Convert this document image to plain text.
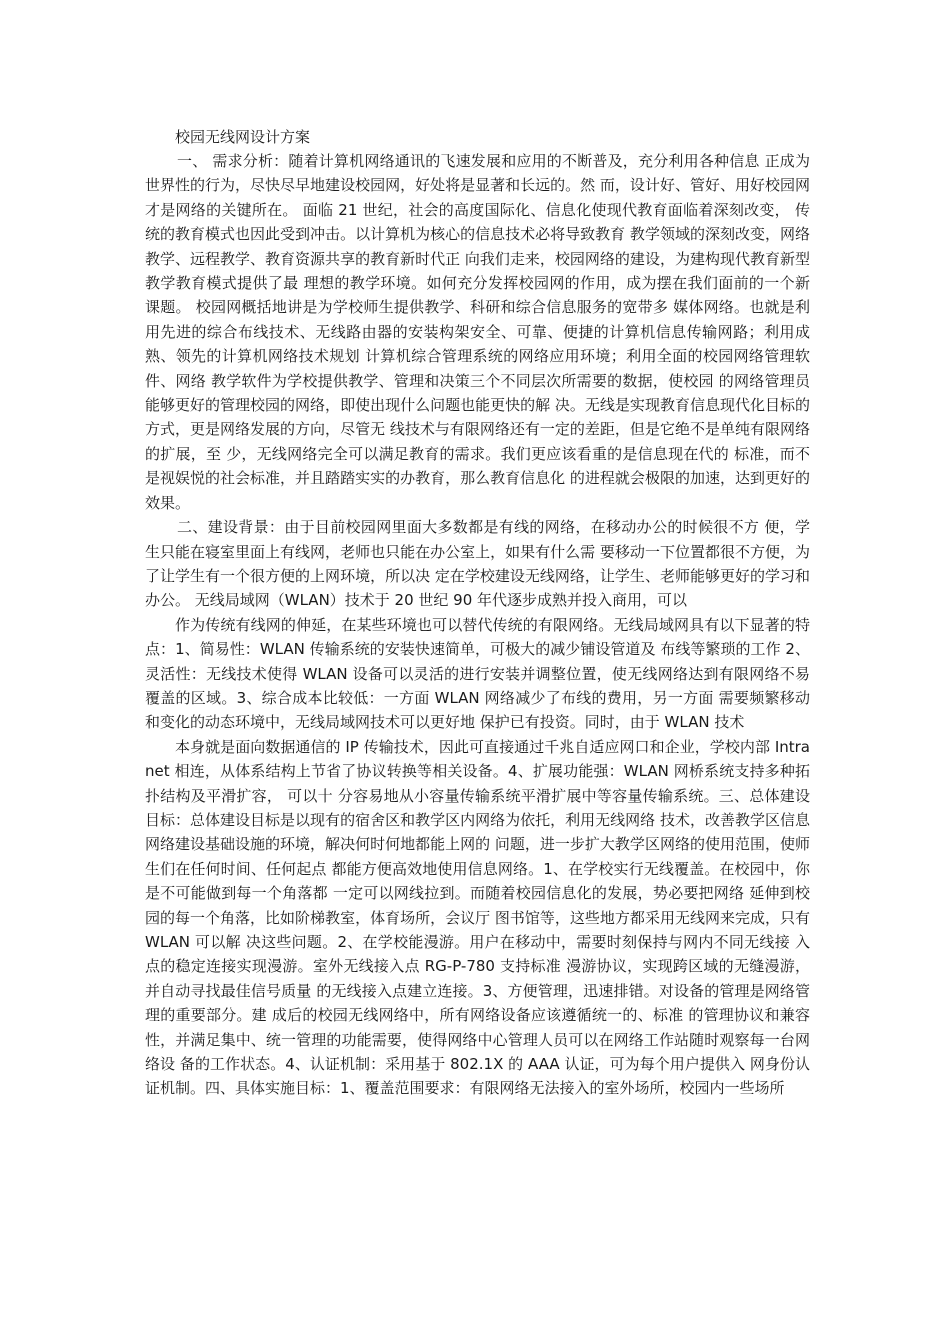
校园无线网设计方案

一、 需求分析：随着计算机网络通讯的飞速发展和应用的不断普及，充分利用各种信息 正成为世界性的行为，尽快尽早地建设校园网，好处将是显著和长远的。然 而，设计好、管好、用好校园网才是网络的关键所在。 面临 21 世纪，社会的高度国际化、信息化使现代教育面临着深刻改变， 传统的教育模式也因此受到冲击。以计算机为核心的信息技术必将导致教育 教学领域的深刻改变，网络教学、远程教学、教育资源共享的教育新时代正 向我们走来，校园网络的建设，为建构现代教育新型教学教育模式提供了最 理想的教学环境。如何充分发挥校园网的作用，成为摆在我们面前的一个新 课题。 校园网概括地讲是为学校师生提供教学、科研和综合信息服务的宽带多 媒体网络。也就是利用先进的综合布线技术、无线路由器的安装构架安全、可靠、便捷的计算机信息传输网路；利用成熟、领先的计算机网络技术规划 计算机综合管理系统的网络应用环境；利用全面的校园网络管理软件、网络 教学软件为学校提供教学、管理和决策三个不同层次所需要的数据，使校园 的网络管理员能够更好的管理校园的网络，即使出现什么问题也能更快的解 决。无线是实现教育信息现代化目标的方式，更是网络发展的方向，尽管无 线技术与有限网络还有一定的差距，但是它绝不是单纯有限网络的扩展，至 少，无线网络完全可以满足教育的需求。我们更应该看重的是信息现在代的 标准，而不是视娱悦的社会标准，并且踏踏实实的办教育，那么教育信息化 的进程就会极限的加速，达到更好的效果。

二、建设背景：由于目前校园网里面大多数都是有线的网络，在移动办公的时候很不方 便，学生只能在寝室里面上有线网，老师也只能在办公室上，如果有什么需 要移动一下位置都很不方便，为了让学生有一个很方便的上网环境，所以决 定在学校建设无线网络，让学生、老师能够更好的学习和办公。 无线局域网（WLAN）技术于 20 世纪 90 年代逐步成熟并投入商用，可以

作为传统有线网的伸延，在某些环境也可以替代传统的有限网络。无线局域网具有以下显著的特点：1、简易性：WLAN 传输系统的安装快速简单，可极大的减少铺设管道及 布线等繁琐的工作 2、灵活性：无线技术使得 WLAN 设备可以灵活的进行安装并调整位置，使无线网络达到有限网络不易覆盖的区域。3、综合成本比较低：一方面 WLAN 网络减少了布线的费用，另一方面 需要频繁移动和变化的动态环境中，无线局域网技术可以更好地 保护已有投资。同时，由于 WLAN 技术

本身就是面向数据通信的 IP 传输技术，因此可直接通过千兆自适应网口和企业，学校内部 Intranet 相连，从体系结构上节省了协议转换等相关设备。4、扩展功能强：WLAN 网桥系统支持多种拓扑结构及平滑扩容， 可以十 分容易地从小容量传输系统平滑扩展中等容量传输系统。三、总体建设目标：总体建设目标是以现有的宿舍区和教学区内网络为依托，利用无线网络 技术，改善教学区信息网络建设基础设施的环境，解决何时何地都能上网的 问题，进一步扩大教学区网络的使用范围，使师生们在任何时间、任何起点 都能方便高效地使用信息网络。1、在学校实行无线覆盖。在校园中，你是不可能做到每一个角落都 一定可以网线拉到。而随着校园信息化的发展，势必要把网络 延伸到校园的每一个角落，比如阶梯教室，体育场所，会议厅 图书馆等，这些地方都采用无线网来完成，只有 WLAN 可以解 决这些问题。2、在学校能漫游。用户在移动中，需要时刻保持与网内不同无线接 入点的稳定连接实现漫游。室外无线接入点 RG-P-780 支持标准 漫游协议，实现跨区域的无缝漫游，并自动寻找最佳信号质量 的无线接入点建立连接。3、方便管理，迅速排错。对设备的管理是网络管理的重要部分。建 成后的校园无线网络中，所有网络设备应该遵循统一的、标准 的管理协议和兼容性，并满足集中、统一管理的功能需要，使得网络中心管理人员可以在网络工作站随时观察每一台网络设 备的工作状态。4、认证机制：采用基于 802.1X 的 AAA 认证，可为每个用户提供入 网身份认证机制。四、具体实施目标：1、覆盖范围要求：有限网络无法接入的室外场所，校园内一些场所
